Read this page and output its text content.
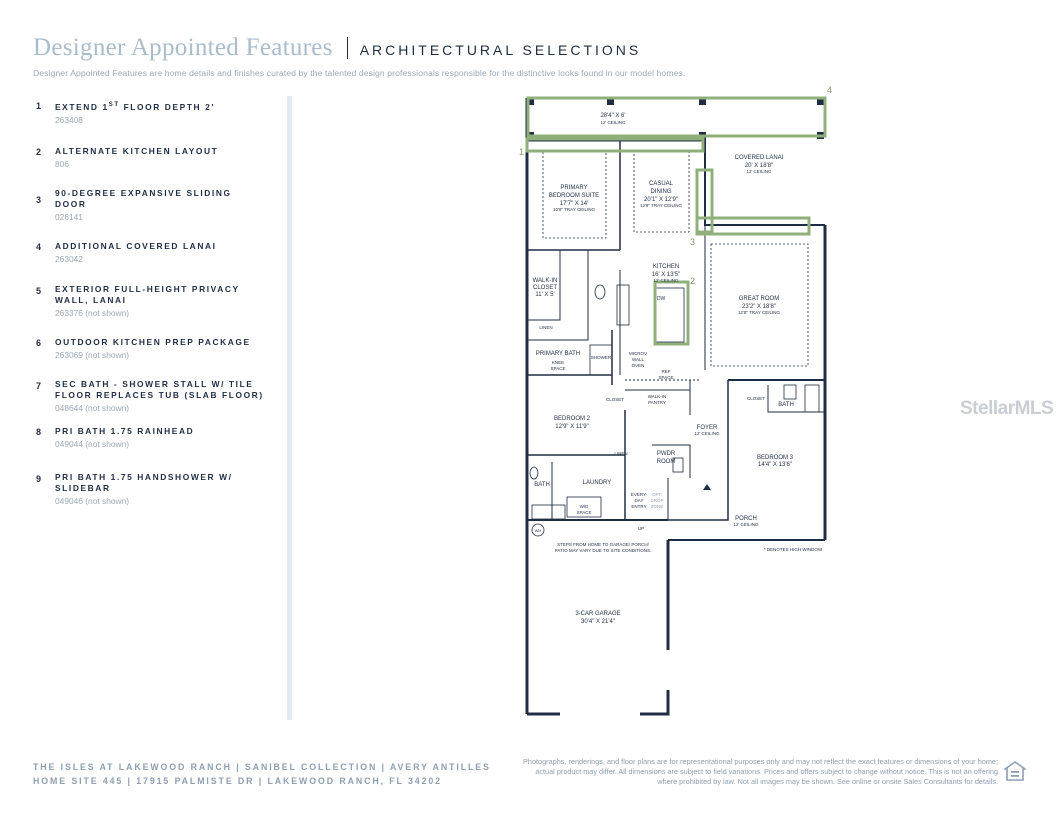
Designer Appointed Features ARCHITECTURAL SELECTIONS
Designer Appointed Features are home details and finishes curated by the talented design professionals responsible for the distinctive looks found in our model homes.
1 EXTEND 1ST FLOOR DEPTH 2'
263408
2 ALTERNATE KITCHEN LAYOUT
806
3
90-DEGREE EXPANSIVE SLIDING DOOR
026141
4 ADDITIONAL COVERED LANAI
263042
5 EXTERIOR FULL-HEIGHT PRIVACY WALL, LANAI
263376 (not shown)
6 OUTDOOR KITCHEN PREP PACKAGE
263069 (not shown)
7 SEC BATH - SHOWER STALL W/ TILE FLOOR REPLACES TUB (SLAB FLOOR)
048644 (not shown)
8 PRI BATH 1.75 RAINHEAD
049044 (not shown)
9 PRI BATH 1.75 HANDSHOWER W/ SLIDEBAR
049046 (not shown)
1
2
3
4
28'4" X 6'
12' CEILING
PRIMARY
BEDROOM SUITE
17'7" X 14'
10'8" TRAY CEILING
CASUAL
DINING
20'1" X 12'9"
12'8" TRAY CEILING
COVERED LANAI
20' X 18'8"
12' CEILING
KITCHEN
16' X 13'5"
12' CEILING
DW	GREAT ROOM
23'2" X 18'8"
12'8" TRAY CEILING
WALK-IN
CLOSET
11' X 5'
LINEN
PRIMARY BATH
KNEE
SPACE
SHOWER
MICROV
WALL
OVEN
REF
SPACE
CLOSET
WALK-IN
PANTRY
CLOSET
BATH
BEDROOM 2
12'9" X 11'9"	FOYER
12' CEILING
BEDROOM 3
14'4" X 13'6"
LINEN	PWDR
ROOM
BATH	LAUNDRY
W/D
SPACE
EVERY-
DAY
ENTRY
OPT.
DROP
ZONE
PORCH
12' CEILING
WH	UP
STEPS FROM HOME TO GARAGE/ PORCH/
PATIO MAY VARY DUE TO SITE CONDITIONS.	* DENOTES HIGH WINDOW
3-CAR GARAGE
30'4" X 21'4"
StellarMLS
THE ISLES AT LAKEWOOD RANCH | SANIBEL COLLECTION | AVERY ANTILLES
HOME SITE 445 | 17915 PALMISTE DR | LAKEWOOD RANCH, FL 34202
Photographs, renderings, and floor plans are for representational purposes only and may not reflect the exact features or dimensions of your home; actual product may differ. All dimensions are subject to field variations. Prices and offers subject to change without notice. This is not an offering where prohibited by law. Not all images may be shown. See online or onsite Sales Consultants for details.
